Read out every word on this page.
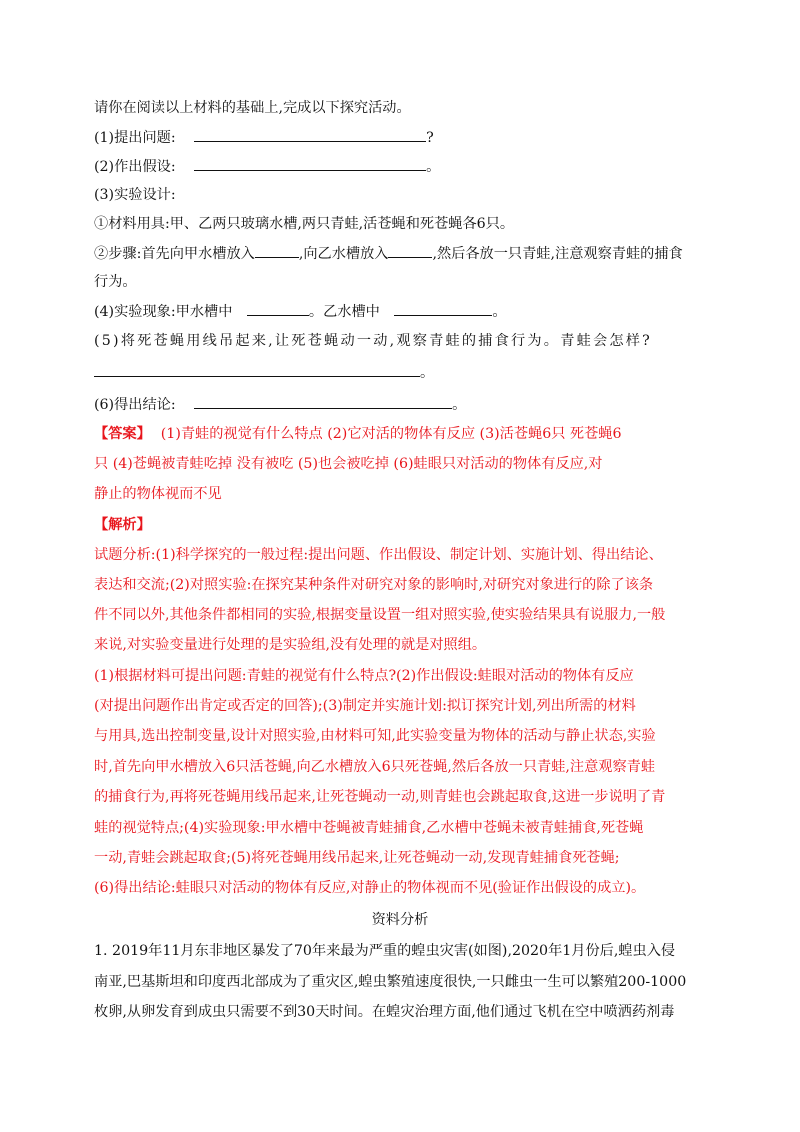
请你在阅读以上材料的基础上,完成以下探究活动。
(1)提出问题:	?
(2)作出假设:	。
(3)实验设计:
①材料用具:甲、乙两只玻璃水槽,两只青蛙,活苍蝇和死苍蝇各6只。
②步骤:首先向甲水槽放入	,向乙水槽放入	,然后各放一只青蛙,注意观察青蛙的捕食
行为。
(4)实验现象:甲水槽中	。乙水槽中	。
(5)将死苍蝇用线吊起来,让死苍蝇动一动,观察青蛙的捕食行为。青蛙会怎样?
。
(6)得出结论:	。
【答案】 (1)青蛙的视觉有什么特点 (2)它对活的物体有反应 (3)活苍蝇6只 死苍蝇6
只 (4)苍蝇被青蛙吃掉 没有被吃 (5)也会被吃掉 (6)蛙眼只对活动的物体有反应,对
静止的物体视而不见
【解析】
试题分析:(1)科学探究的一般过程:提出问题、作出假设、制定计划、实施计划、得出结论、
表达和交流;(2)对照实验:在探究某种条件对研究对象的影响时,对研究对象进行的除了该条
件不同以外,其他条件都相同的实验,根据变量设置一组对照实验,使实验结果具有说服力,一般
来说,对实验变量进行处理的是实验组,没有处理的就是对照组。
(1)根据材料可提出问题:青蛙的视觉有什么特点?(2)作出假设:蛙眼对活动的物体有反应
(对提出问题作出肯定或否定的回答);(3)制定并实施计划:拟订探究计划,列出所需的材料
与用具,选出控制变量,设计对照实验,由材料可知,此实验变量为物体的活动与静止状态,实验
时,首先向甲水槽放入6只活苍蝇,向乙水槽放入6只死苍蝇,然后各放一只青蛙,注意观察青蛙
的捕食行为,再将死苍蝇用线吊起来,让死苍蝇动一动,则青蛙也会跳起取食,这进一步说明了青
蛙的视觉特点;(4)实验现象:甲水槽中苍蝇被青蛙捕食,乙水槽中苍蝇未被青蛙捕食,死苍蝇
一动,青蛙会跳起取食;(5)将死苍蝇用线吊起来,让死苍蝇动一动,发现青蛙捕食死苍蝇;
(6)得出结论:蛙眼只对活动的物体有反应,对静止的物体视而不见(验证作出假设的成立)。
资料分析
1. 2019年11月东非地区暴发了70年来最为严重的蝗虫灾害(如图),2020年1月份后,蝗虫入侵
南亚,巴基斯坦和印度西北部成为了重灾区,蝗虫繁殖速度很快,一只雌虫一生可以繁殖200-1000
枚卵,从卵发育到成虫只需要不到30天时间。在蝗灾治理方面,他们通过飞机在空中喷洒药剂毒
